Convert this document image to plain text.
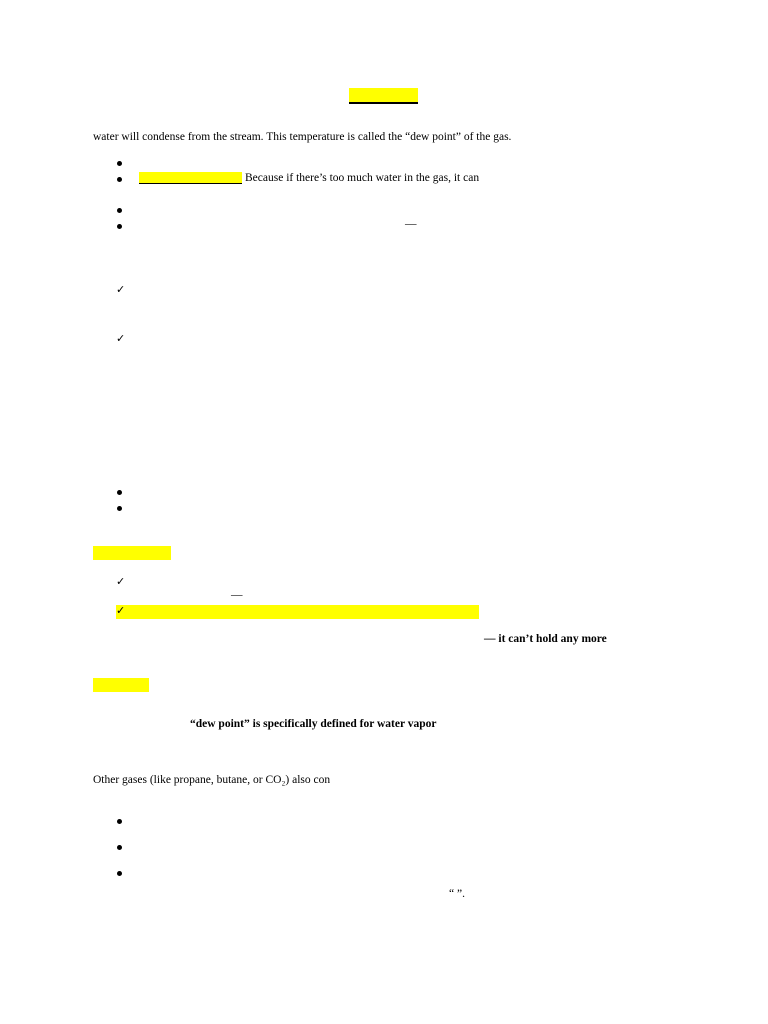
water will condense from the stream. This temperature is called the “dew point” of the gas.
Because if there’s too much water in the gas, it can
—
✓
✓
✓
—
✓
— it can’t hold any more
“dew point” is specifically defined for water vapor
Other gases (like propane, butane, or CO₂) also con
“ ”.
